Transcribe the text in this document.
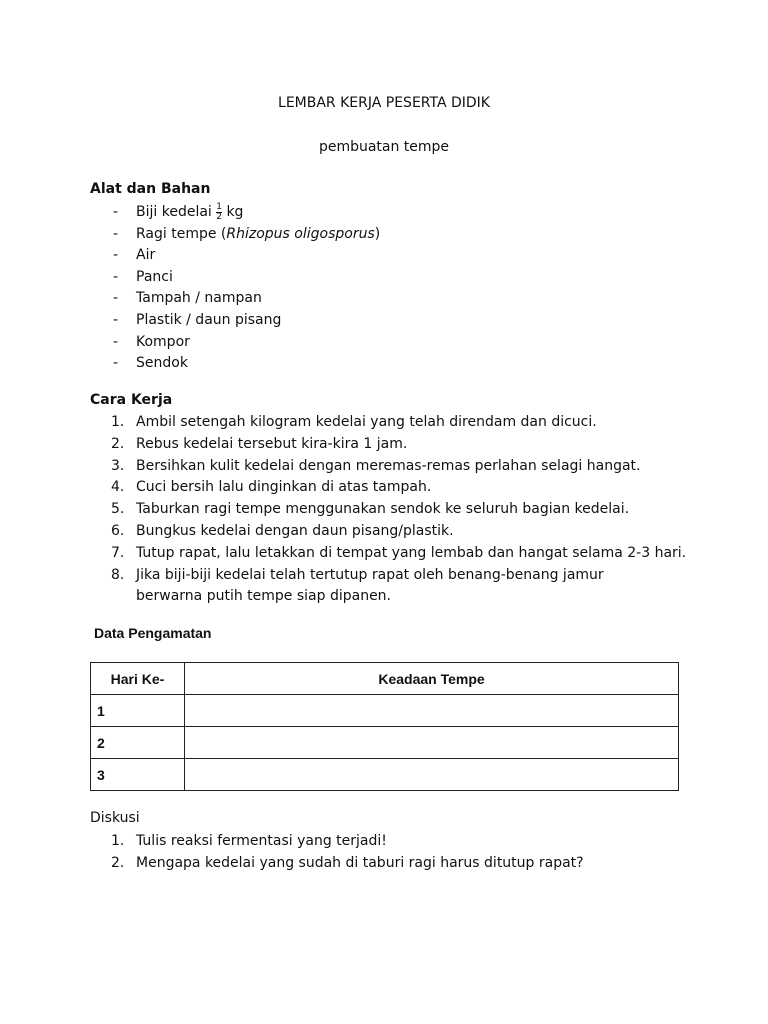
LEMBAR KERJA PESERTA DIDIK
pembuatan tempe
Alat dan Bahan
- Biji kedelai $\frac{1}{2}$ kg
- Ragi tempe (Rhizopus oligosporus)
- Air
- Panci
- Tampah / nampan
- Plastik / daun pisang
- Kompor
- Sendok
Cara Kerja
1. Ambil setengah kilogram kedelai yang telah direndam dan dicuci.
2. Rebus kedelai tersebut kira-kira 1 jam.
3. Bersihkan kulit kedelai dengan meremas-remas perlahan selagi hangat.
4. Cuci bersih lalu dinginkan di atas tampah.
5. Taburkan ragi tempe menggunakan sendok ke seluruh bagian kedelai.
6. Bungkus kedelai dengan daun pisang/plastik.
7. Tutup rapat, lalu letakkan di tempat yang lembab dan hangat selama 2-3 hari.
8. Jika biji-biji kedelai telah tertutup rapat oleh benang-benang jamur
berwarna putih tempe siap dipanen.
Data Pengamatan
Hari Ke-	Keadaan Tempe
1	
2	
3	
Diskusi
1. Tulis reaksi fermentasi yang terjadi!
2. Mengapa kedelai yang sudah di taburi ragi harus ditutup rapat?
